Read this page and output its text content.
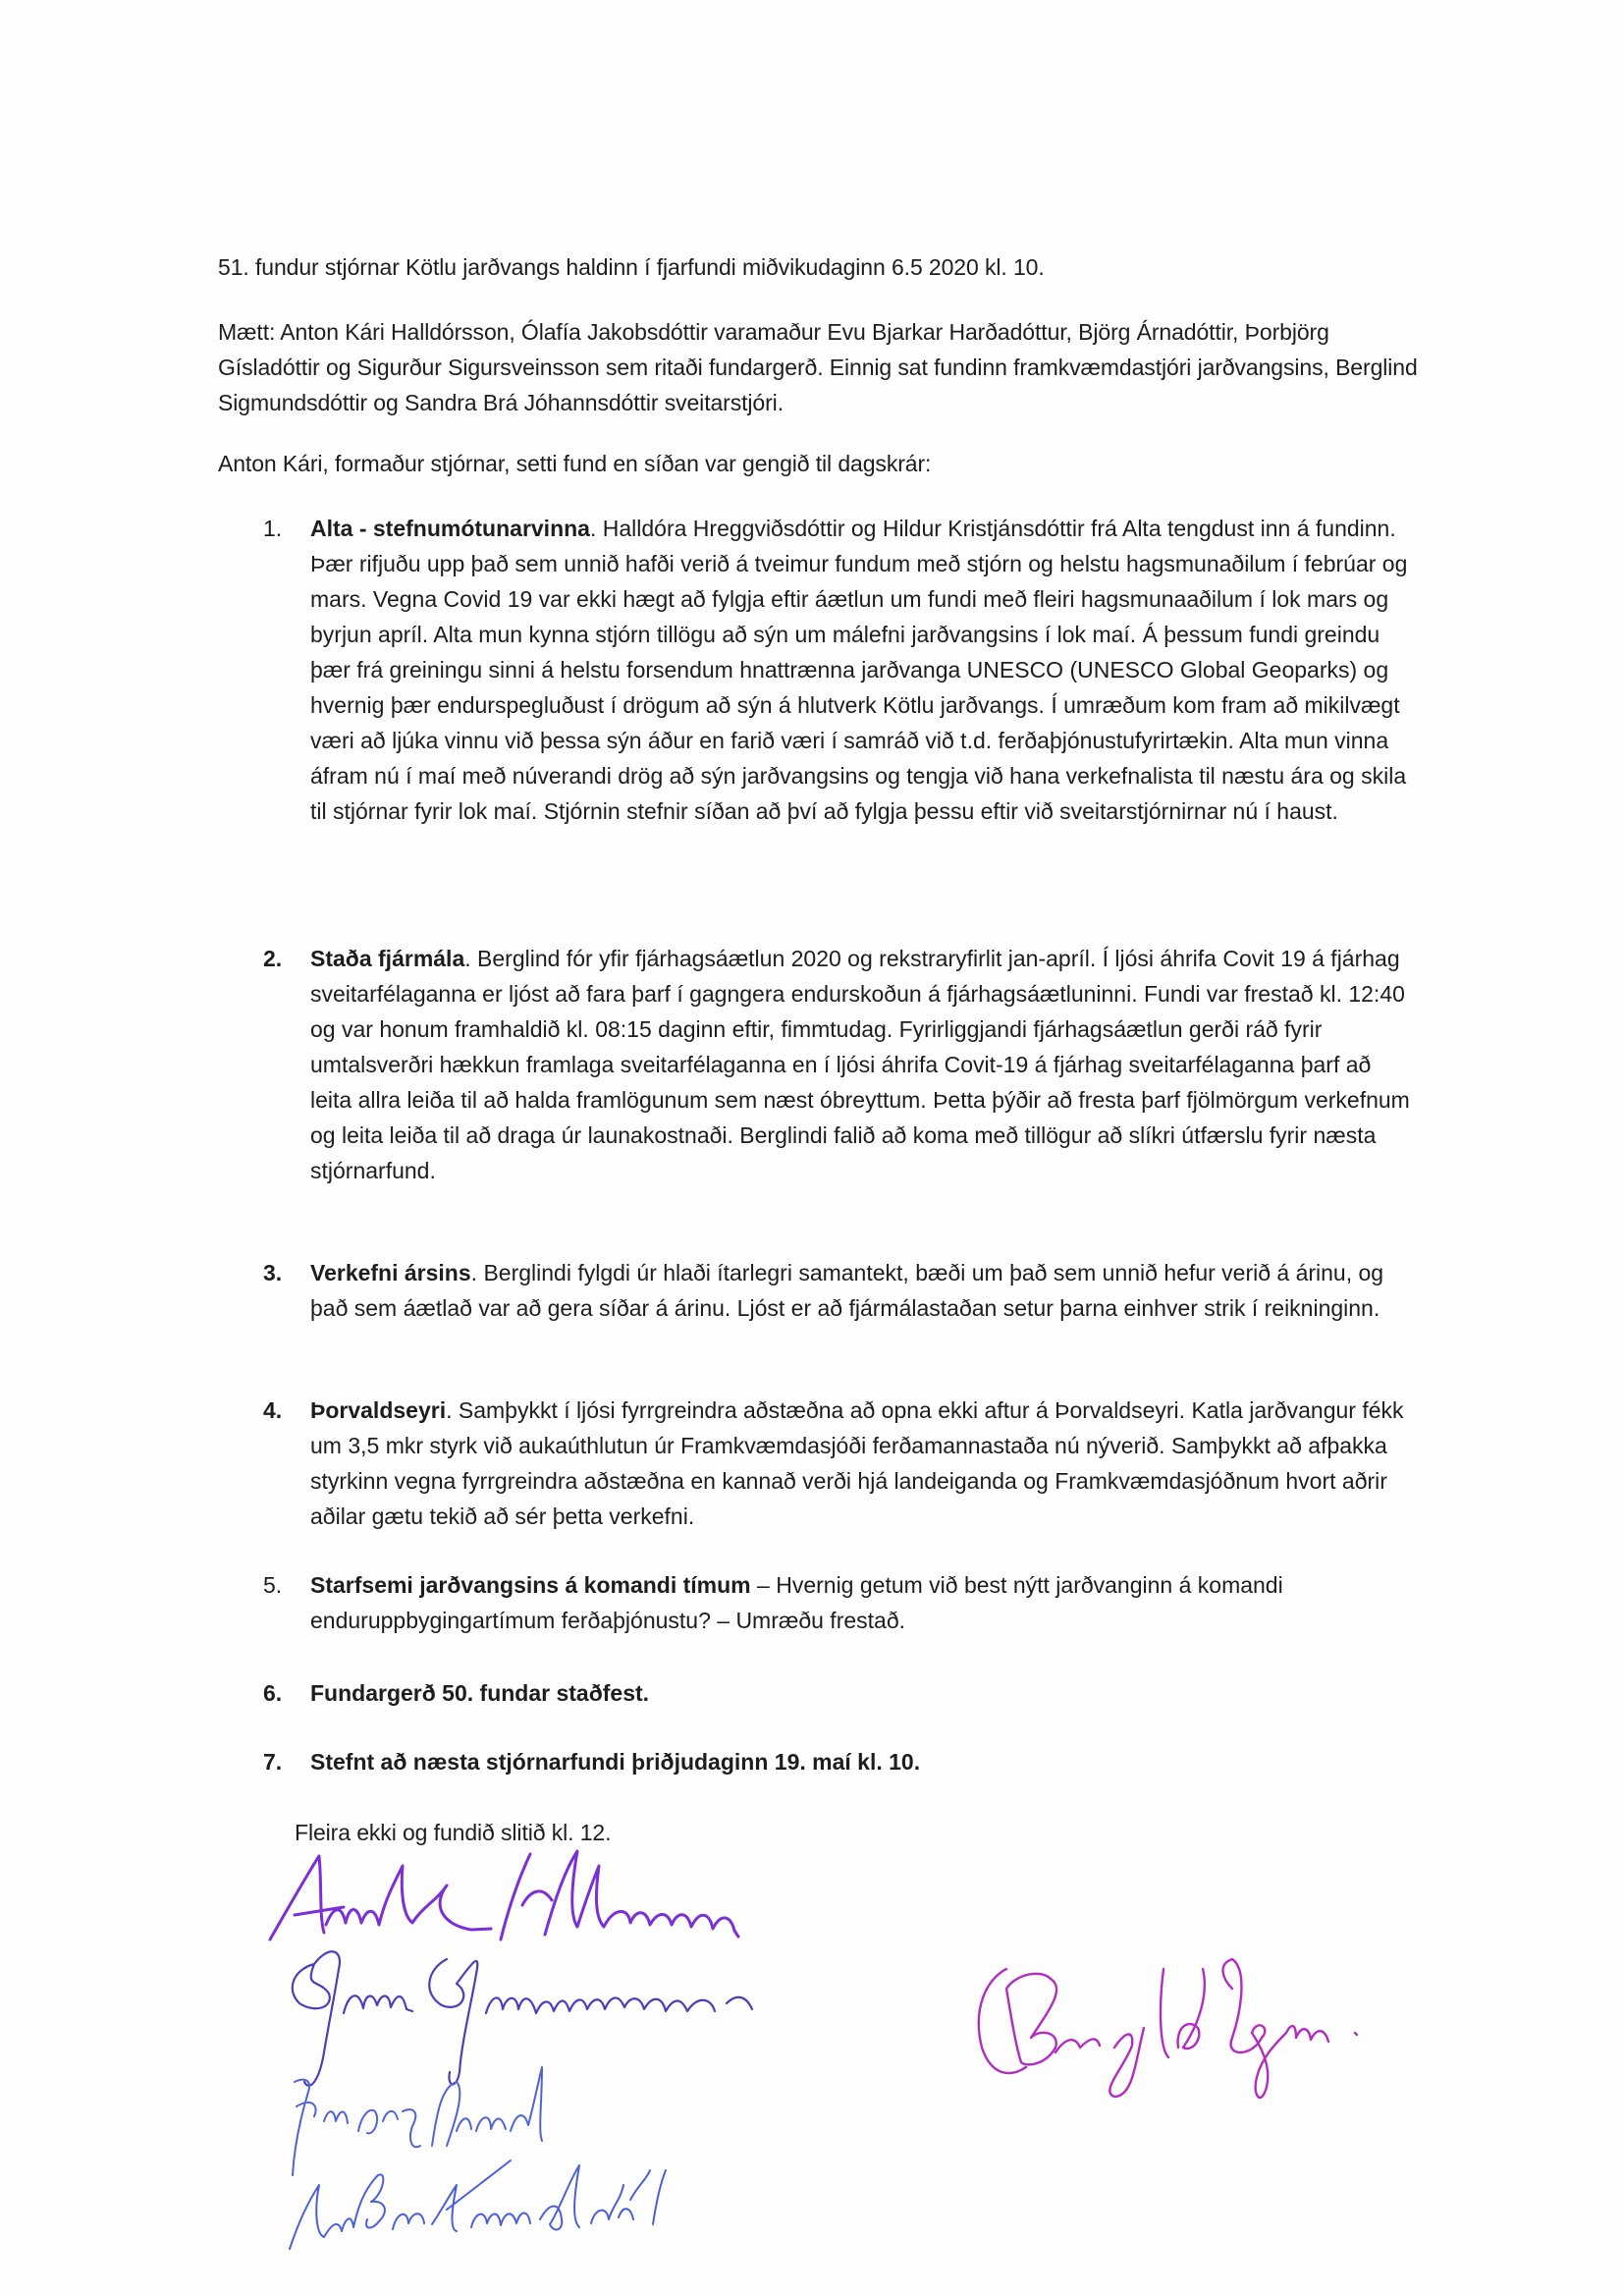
51. fundur stjórnar Kötlu jarðvangs haldinn í fjarfundi miðvikudaginn 6.5 2020 kl. 10.

Mætt: Anton Kári Halldórsson, Ólafía Jakobsdóttir varamaður Evu Bjarkar Harðadóttur, Björg Árnadóttir, Þorbjörg Gísladóttir og Sigurður Sigursveinsson sem ritaði fundargerð. Einnig sat fundinn framkvæmdastjóri jarðvangsins, Berglind Sigmundsdóttir og Sandra Brá Jóhannsdóttir sveitarstjóri.

Anton Kári, formaður stjórnar, setti fund en síðan var gengið til dagskrár:

1.	Alta - stefnumótunarvinna. Halldóra Hreggviðsdóttir og Hildur Kristjánsdóttir frá Alta tengdust inn á fundinn. Þær rifjuðu upp það sem unnið hafði verið á tveimur fundum með stjórn og helstu hagsmunaðilum í febrúar og mars. Vegna Covid 19 var ekki hægt að fylgja eftir áætlun um fundi með fleiri hagsmunaaðilum í lok mars og byrjun apríl. Alta mun kynna stjórn tillögu að sýn um málefni jarðvangsins í lok maí. Á þessum fundi greindu þær frá greiningu sinni á helstu forsendum hnattrænna jarðvanga UNESCO (UNESCO Global Geoparks) og hvernig þær endurspegluðust í drögum að sýn á hlutverk Kötlu jarðvangs. Í umræðum kom fram að mikilvægt væri að ljúka vinnu við þessa sýn áður en farið væri í samráð við t.d. ferðaþjónustufyrirtækin. Alta mun vinna áfram nú í maí með núverandi drög að sýn jarðvangsins og tengja við hana verkefnalista til næstu ára og skila til stjórnar fyrir lok maí. Stjórnin stefnir síðan að því að fylgja þessu eftir við sveitarstjórnirnar nú í haust.
2.	Staða fjármála. Berglind fór yfir fjárhagsáætlun 2020 og rekstraryfirlit jan-apríl. Í ljósi áhrifa Covit 19 á fjárhag sveitarfélaganna er ljóst að fara þarf í gagngera endurskoðun á fjárhagsáætluninni. Fundi var frestað kl. 12:40 og var honum framhaldið kl. 08:15 daginn eftir, fimmtudag. Fyrirliggjandi fjárhagsáætlun gerði ráð fyrir umtalsverðri hækkun framlaga sveitarfélaganna en í ljósi áhrifa Covit-19 á fjárhag sveitarfélaganna þarf að leita allra leiða til að halda framlögunum sem næst óbreyttum. Þetta þýðir að fresta þarf fjölmörgum verkefnum og leita leiða til að draga úr launakostnaði. Berglindi falið að koma með tillögur að slíkri útfærslu fyrir næsta stjórnarfund.
3.	Verkefni ársins. Berglindi fylgdi úr hlaði ítarlegri samantekt, bæði um það sem unnið hefur verið á árinu, og það sem áætlað var að gera síðar á árinu. Ljóst er að fjármálastaðan setur þarna einhver strik í reikninginn.
4.	Þorvaldseyri. Samþykkt í ljósi fyrrgreindra aðstæðna að opna ekki aftur á Þorvaldseyri. Katla jarðvangur fékk um 3,5 mkr styrk við aukaúthlutun úr Framkvæmdasjóði ferðamannastaða nú nýverið. Samþykkt að afþakka styrkinn vegna fyrrgreindra aðstæðna en kannað verði hjá landeiganda og Framkvæmdasjóðnum hvort aðrir aðilar gætu tekið að sér þetta verkefni.
5.	Starfsemi jarðvangsins á komandi tímum – Hvernig getum við best nýtt jarðvanginn á komandi enduruppbygingartímum ferðaþjónustu? – Umræðu frestað.
6.	Fundargerð 50. fundar staðfest.
7.	Stefnt að næsta stjórnarfundi þriðjudaginn 19. maí kl. 10.

Fleira ekki og fundið slitið kl. 12.
